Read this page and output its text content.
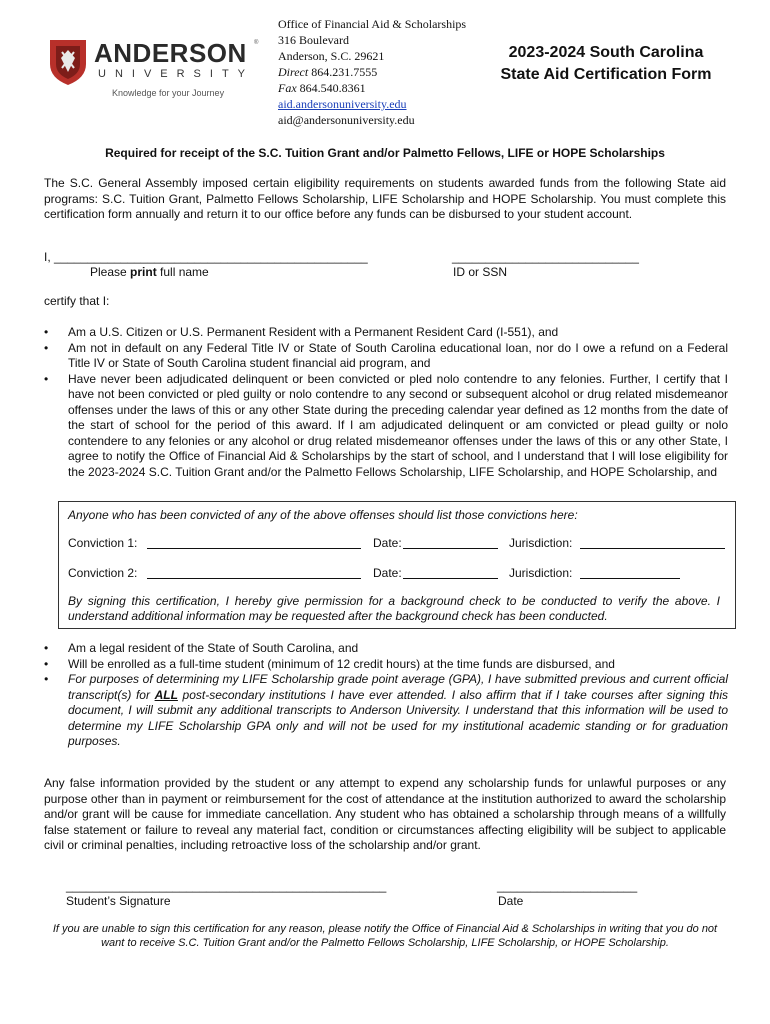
ANDERSON ®
UNIVERSITY
Knowledge for your Journey
Office of Financial Aid & Scholarships
316 Boulevard
Anderson, S.C. 29621
Direct 864.231.7555
Fax 864.540.8361
aid.andersonuniversity.edu
aid@andersonuniversity.edu
2023-2024 South Carolina
State Aid Certification Form
Required for receipt of the S.C. Tuition Grant and/or Palmetto Fellows, LIFE or HOPE Scholarships
The S.C. General Assembly imposed certain eligibility requirements on students awarded funds from the following State aid programs: S.C. Tuition Grant, Palmetto Fellows Scholarship, LIFE Scholarship and HOPE Scholarship. You must complete this certification form annually and return it to our office before any funds can be disbursed to your student account.
I, _______________________________________________	____________________________
Please print full name	ID or SSN
certify that I:
• Am a U.S. Citizen or U.S. Permanent Resident with a Permanent Resident Card (I-551), and
• Am not in default on any Federal Title IV or State of South Carolina educational loan, nor do I owe a refund on a Federal Title IV or State of South Carolina student financial aid program, and
• Have never been adjudicated delinquent or been convicted or pled nolo contendre to any felonies. Further, I certify that I have not been convicted or pled guilty or nolo contendre to any second or subsequent alcohol or drug related misdemeanor offenses under the laws of this or any other State during the preceding calendar year defined as 12 months from the date of the start of school for the period of this award. If I am adjudicated delinquent or am convicted or plead guilty or nolo contendere to any felonies or any alcohol or drug related misdemeanor offenses under the laws of this or any other State, I agree to notify the Office of Financial Aid & Scholarships by the start of school, and I understand that I will lose eligibility for the 2023-2024 S.C. Tuition Grant and/or the Palmetto Fellows Scholarship, LIFE Scholarship, and HOPE Scholarship, and
Anyone who has been convicted of any of the above offenses should list those convictions here:
Conviction 1:	Date:	Jurisdiction:
Conviction 2:	Date:	Jurisdiction:
By signing this certification, I hereby give permission for a background check to be conducted to verify the above. I understand additional information may be requested after the background check has been conducted.
• Am a legal resident of the State of South Carolina, and
• Will be enrolled as a full-time student (minimum of 12 credit hours) at the time funds are disbursed, and
• For purposes of determining my LIFE Scholarship grade point average (GPA), I have submitted previous and current official transcript(s) for ALL post-secondary institutions I have ever attended. I also affirm that if I take courses after signing this document, I will submit any additional transcripts to Anderson University. I understand that this information will be used to determine my LIFE Scholarship GPA only and will not be used for my institutional academic standing or for graduation purposes.
Any false information provided by the student or any attempt to expend any scholarship funds for unlawful purposes or any purpose other than in payment or reimbursement for the cost of attendance at the institution authorized to award the scholarship and/or grant will be cause for immediate cancellation. Any student who has obtained a scholarship through means of a willfully false statement or failure to reveal any material fact, condition or circumstances affecting eligibility will be subject to applicable civil or criminal penalties, including retroactive loss of the scholarship and/or grant.
________________________________________________	_____________________
Student’s Signature	Date
If you are unable to sign this certification for any reason, please notify the Office of Financial Aid & Scholarships in writing that you do not want to receive S.C. Tuition Grant and/or the Palmetto Fellows Scholarship, LIFE Scholarship, or HOPE Scholarship.
